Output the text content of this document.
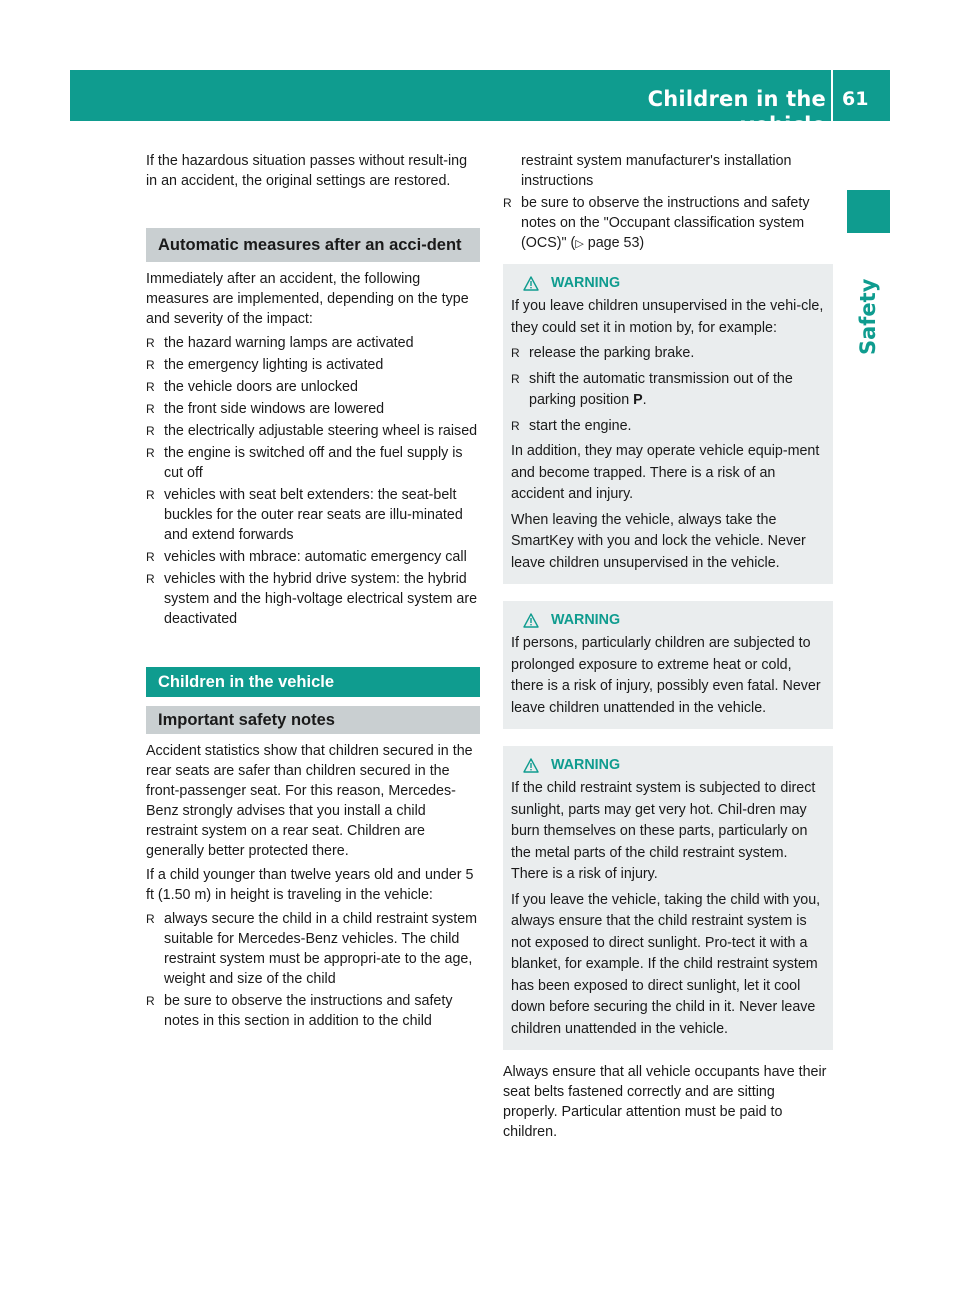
Children in the vehicle
61
Safety

If the hazardous situation passes without result-ing in an accident, the original settings are restored.

Automatic measures after an acci-dent

Immediately after an accident, the following measures are implemented, depending on the type and severity of the impact:

R the hazard warning lamps are activated

R the emergency lighting is activated

R the vehicle doors are unlocked

R the front side windows are lowered

R the electrically adjustable steering wheel is raised

R the engine is switched off and the fuel supply is cut off

R vehicles with seat belt extenders: the seat-belt buckles for the outer rear seats are illu-minated and extend forwards

R vehicles with mbrace: automatic emergency call

R vehicles with the hybrid drive system: the hybrid system and the high-voltage electrical system are deactivated

Children in the vehicle
Important safety notes

Accident statistics show that children secured in the rear seats are safer than children secured in the front-passenger seat. For this reason, Mercedes-Benz strongly advises that you install a child restraint system on a rear seat. Children are generally better protected there.

If a child younger than twelve years old and under 5 ft (1.50 m) in height is traveling in the vehicle:

R always secure the child in a child restraint system suitable for Mercedes-Benz vehicles. The child restraint system must be appropri-ate to the age, weight and size of the child

R be sure to observe the instructions and safety notes in this section in addition to the child

restraint system manufacturer's installation instructions

R be sure to observe the instructions and safety notes on the "Occupant classification system (OCS)" (▷ page 53)

WARNING

If you leave children unsupervised in the vehi-cle, they could set it in motion by, for example:

R release the parking brake.

R shift the automatic transmission out of the parking position P.

R start the engine.

In addition, they may operate vehicle equip-ment and become trapped. There is a risk of an accident and injury.

When leaving the vehicle, always take the SmartKey with you and lock the vehicle. Never leave children unsupervised in the vehicle.

WARNING

If persons, particularly children are subjected to prolonged exposure to extreme heat or cold, there is a risk of injury, possibly even fatal. Never leave children unattended in the vehicle.

WARNING

If the child restraint system is subjected to direct sunlight, parts may get very hot. Chil-dren may burn themselves on these parts, particularly on the metal parts of the child restraint system. There is a risk of injury.

If you leave the vehicle, taking the child with you, always ensure that the child restraint system is not exposed to direct sunlight. Pro-tect it with a blanket, for example. If the child restraint system has been exposed to direct sunlight, let it cool down before securing the child in it. Never leave children unattended in the vehicle.

Always ensure that all vehicle occupants have their seat belts fastened correctly and are sitting properly. Particular attention must be paid to children.
